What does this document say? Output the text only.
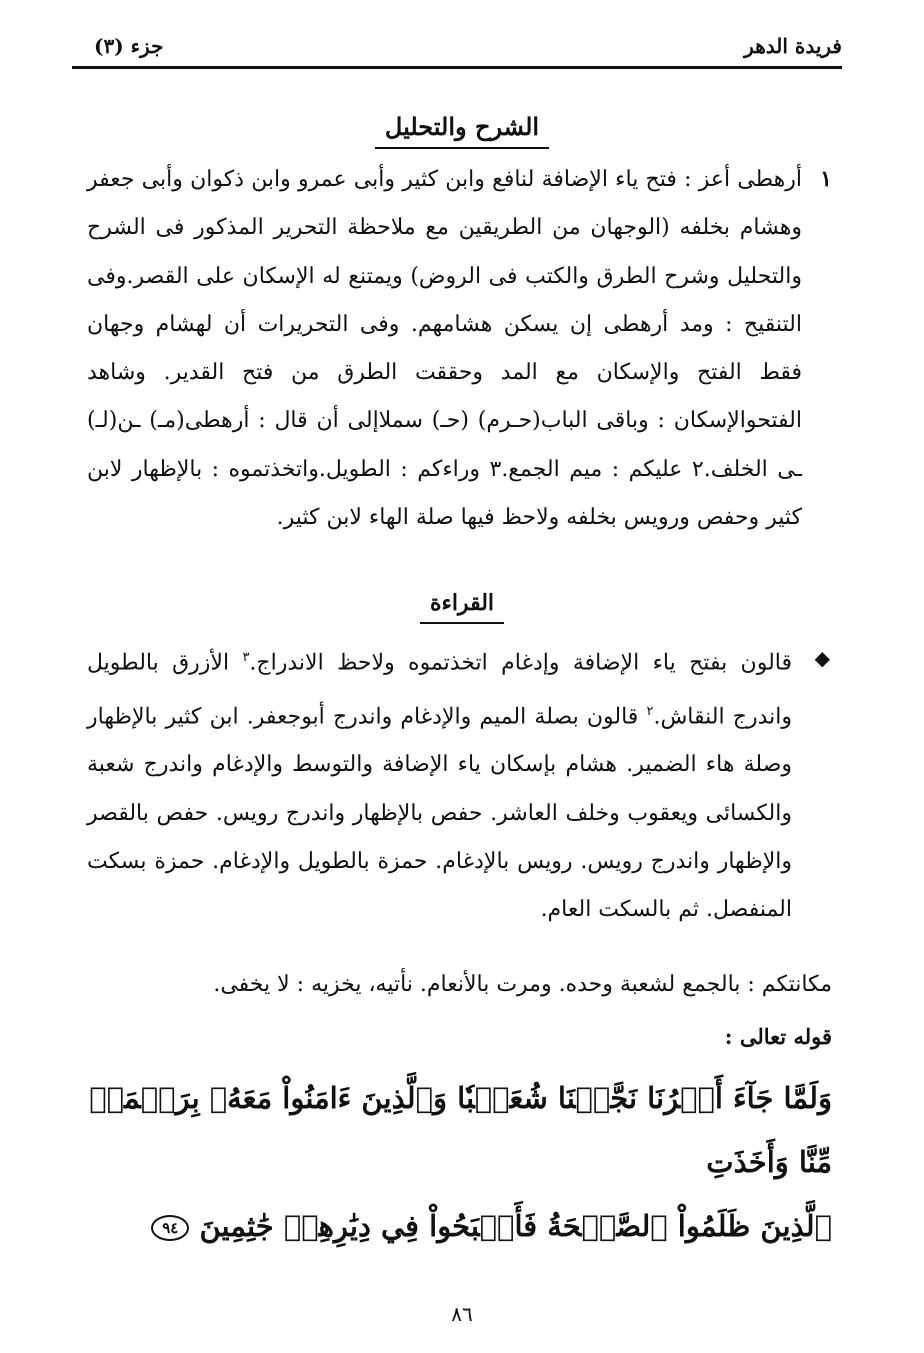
فريدة الدهر
جزء (٣)
الشرح والتحليل
١
أرهطى أعز : فتح ياء الإضافة لنافع وابن كثير وأبى عمرو وابن ذكوان وأبى جعفر وهشام بخلفه (الوجهان من الطريقين مع ملاحظة التحرير المذكور فى الشرح والتحليل وشرح الطرق والكتب فى الروض) ويمتنع له الإسكان على القصر.وفى التنقيح : ومد أرهطى إن يسكن هشامهم. وفى التحريرات أن لهشام وجهان فقط الفتح والإسكان مع المد وحققت الطرق من فتح القدير. وشاهد الفتحوالإسكان : وباقى الباب(حـرم) (حـ) سملاإلى أن قال : أرهطى(مـ) ـن(لـ) ـى الخلف.٢ عليكم : ميم الجمع.٣ وراءكم : الطويل.واتخذتموه : بالإظهار لابن كثير وحفص ورويس بخلفه ولاحظ فيها صلة الهاء لابن كثير.
القراءة
◆
قالون بفتح ياء الإضافة وإدغام اتخذتموه ولاحظ الاندراج.$^٣$ الأزرق بالطويل واندرج النقاش.$^٢$ قالون بصلة الميم والإدغام واندرج أبوجعفر. ابن كثير بالإظهار وصلة هاء الضمير. هشام بإسكان ياء الإضافة والتوسط والإدغام واندرج شعبة والكسائى ويعقوب وخلف العاشر. حفص بالإظهار واندرج رويس. حفص بالقصر والإظهار واندرج رويس. رويس بالإدغام. حمزة بالطويل والإدغام. حمزة بسكت المنفصل. ثم بالسكت العام.
مكانتكم : بالجمع لشعبة وحده. ومرت بالأنعام. نأتيه، يخزيه : لا يخفى.
قوله تعالى :
وَلَمَّا جَآءَ أَمۡرُنَا نَجَّيۡنَا شُعَيۡبٗا وَٱلَّذِينَ ءَامَنُواْ مَعَهُۥ بِرَحۡمَةٖ مِّنَّا وَأَخَذَتِ
ٱلَّذِينَ ظَلَمُواْ ٱلصَّيۡحَةُ فَأَصۡبَحُواْ فِي دِيَٰرِهِمۡ جَٰثِمِينَ ٩٤
٨٦
